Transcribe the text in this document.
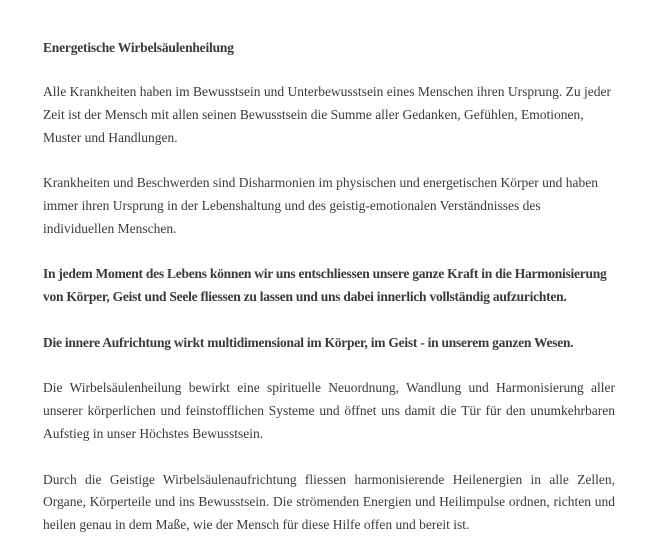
Energetische Wirbelsäulenheilung

Alle Krankheiten haben im Bewusstsein und Unterbewusstsein eines Menschen ihren Ursprung. Zu jeder Zeit ist der Mensch mit allen seinen Bewusstsein die Summe aller Gedanken, Gefühlen, Emotionen, Muster und Handlungen.

Krankheiten und Beschwerden sind Disharmonien im physischen und energetischen Körper und haben immer ihren Ursprung in der Lebenshaltung und des geistig-emotionalen Verständnisses des individuellen Menschen.

In jedem Moment des Lebens können wir uns entschliessen unsere ganze Kraft in die Harmonisierung von Körper, Geist und Seele fliessen zu lassen und uns dabei innerlich vollständig aufzurichten.

Die innere Aufrichtung wirkt multidimensional im Körper, im Geist - in unserem ganzen Wesen.

Die Wirbelsäulenheilung bewirkt eine spirituelle Neuordnung, Wandlung und Harmonisierung aller unserer körperlichen und feinstofflichen Systeme und öffnet uns damit die Tür für den unumkehrbaren Aufstieg in unser Höchstes Bewusstsein.

Durch die Geistige Wirbelsäulenaufrichtung fliessen harmonisierende Heilenergien in alle Zellen, Organe, Körperteile und ins Bewusstsein. Die strömenden Energien und Heilimpulse ordnen, richten und heilen genau in dem Maße, wie der Mensch für diese Hilfe offen und bereit ist.
